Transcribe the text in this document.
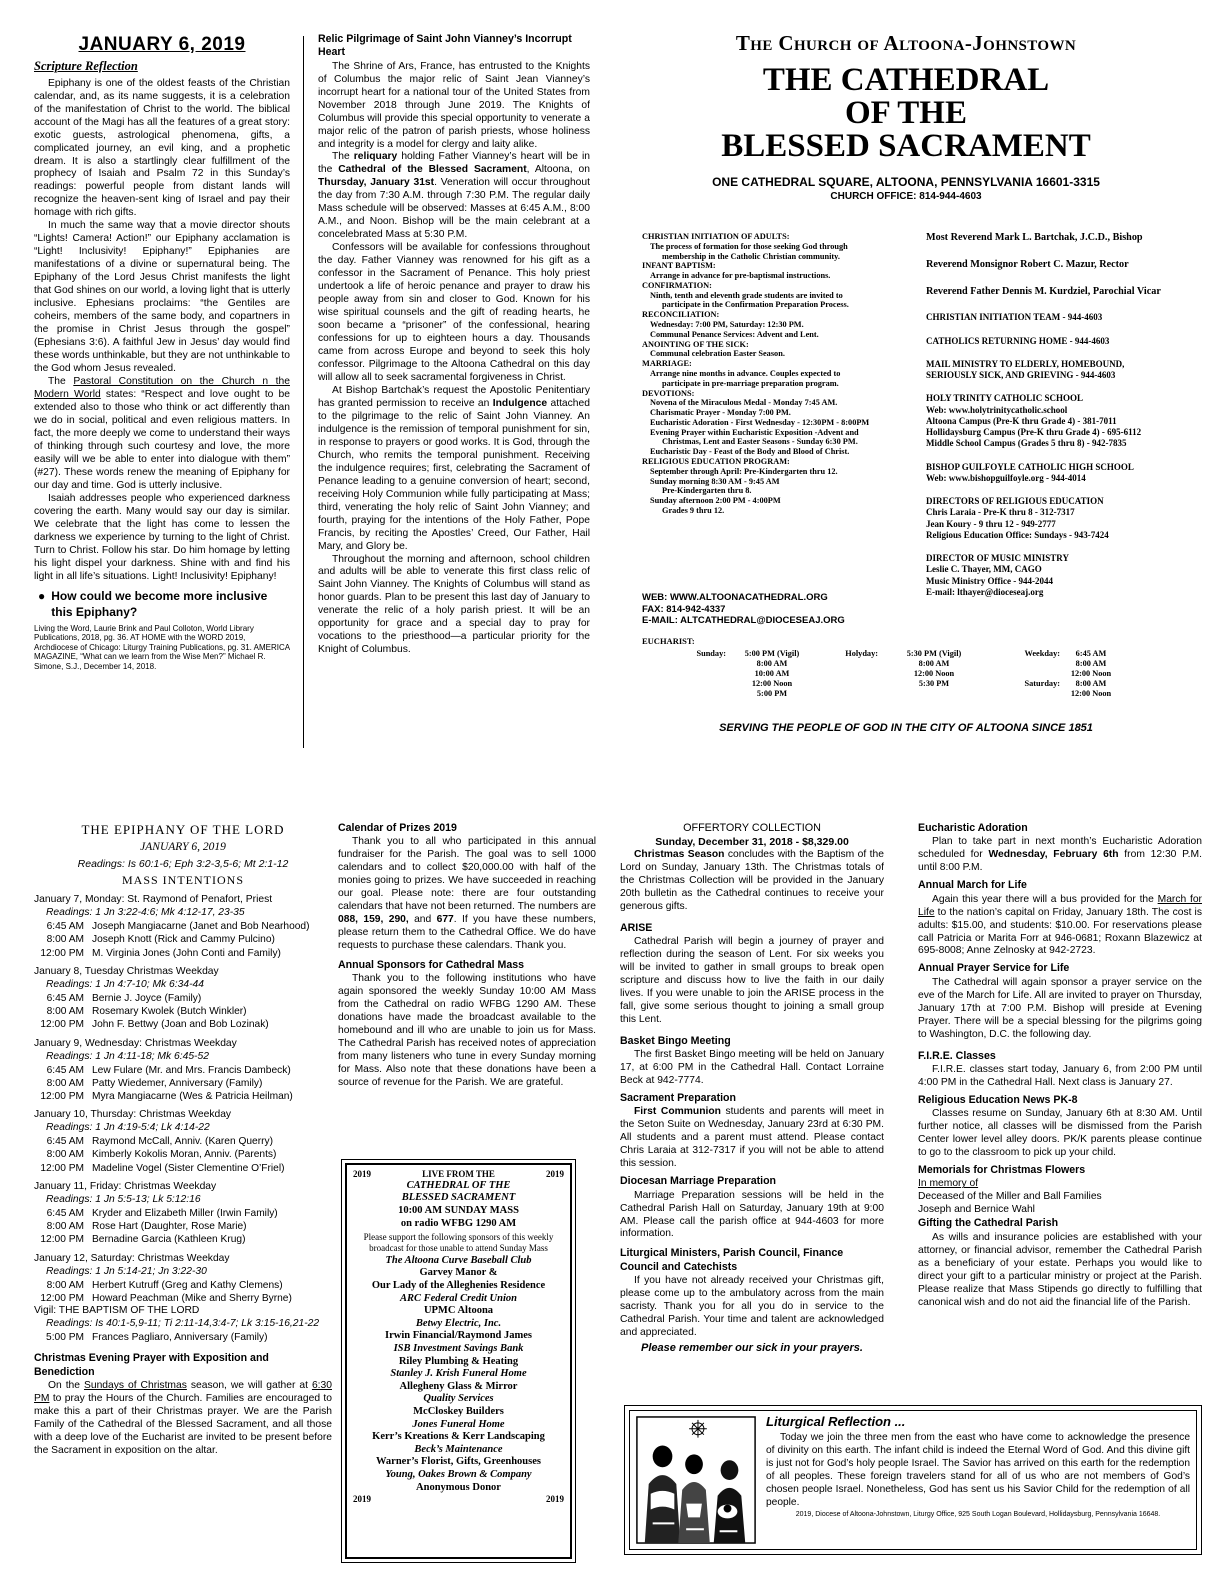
JANUARY 6, 2019
Scripture Reflection

Epiphany is one of the oldest feasts of the Christian calendar, and, as its name suggests, it is a celebration of the manifestation of Christ to the world. The biblical account of the Magi has all the features of a great story: exotic guests, astrological phenomena, gifts, a complicated journey, an evil king, and a prophetic dream. It is also a startlingly clear fulfillment of the prophecy of Isaiah and Psalm 72 in this Sunday’s readings: powerful people from distant lands will recognize the heaven-sent king of Israel and pay their homage with rich gifts.

In much the same way that a movie director shouts “Lights! Camera! Action!” our Epiphany acclamation is “Light! Inclusivity! Epiphany!” Epiphanies are manifestations of a divine or supernatural being. The Epiphany of the Lord Jesus Christ manifests the light that God shines on our world, a loving light that is utterly inclusive. Ephesians proclaims: “the Gentiles are coheirs, members of the same body, and copartners in the promise in Christ Jesus through the gospel” (Ephesians 3:6). A faithful Jew in Jesus’ day would find these words unthinkable, but they are not unthinkable to the God whom Jesus revealed.

The Pastoral Constitution on the Church n the Modern World states: “Respect and love ought to be extended also to those who think or act differently than we do in social, political and even religious matters. In fact, the more deeply we come to understand their ways of thinking through such courtesy and love, the more easily will we be able to enter into dialogue with them” (#27). These words renew the meaning of Epiphany for our day and time. God is utterly inclusive.

Isaiah addresses people who experienced darkness covering the earth. Many would say our day is similar. We celebrate that the light has come to lessen the darkness we experience by turning to the light of Christ. Turn to Christ. Follow his star. Do him homage by letting his light dispel your darkness. Shine with and find his light in all life’s situations. Light! Inclusivity! Epiphany!

● How could we become more inclusive this Epiphany?
Living the Word, Laurie Brink and Paul Colloton, World Library Publications, 2018, pg. 36. AT HOME with the WORD 2019, Archdiocese of Chicago: Liturgy Training Publications, pg. 31. AMERICA MAGAZINE, “What can we learn from the Wise Men?” Michael R. Simone, S.J., December 14, 2018.
Relic Pilgrimage of Saint John Vianney’s Incorrupt Heart

The Shrine of Ars, France, has entrusted to the Knights of Columbus the major relic of Saint Jean Vianney’s incorrupt heart for a national tour of the United States from November 2018 through June 2019. The Knights of Columbus will provide this special opportunity to venerate a major relic of the patron of parish priests, whose holiness and integrity is a model for clergy and laity alike.

The reliquary holding Father Vianney’s heart will be in the Cathedral of the Blessed Sacrament, Altoona, on Thursday, January 31st. Veneration will occur throughout the day from 7:30 A.M. through 7:30 P.M. The regular daily Mass schedule will be observed: Masses at 6:45 A.M., 8:00 A.M., and Noon. Bishop will be the main celebrant at a concelebrated Mass at 5:30 P.M.

Confessors will be available for confessions throughout the day. Father Vianney was renowned for his gift as a confessor in the Sacrament of Penance. This holy priest undertook a life of heroic penance and prayer to draw his people away from sin and closer to God. Known for his wise spiritual counsels and the gift of reading hearts, he soon became a “prisoner” of the confessional, hearing confessions for up to eighteen hours a day. Thousands came from across Europe and beyond to seek this holy confessor. Pilgrimage to the Altoona Cathedral on this day will allow all to seek sacramental forgiveness in Christ.

At Bishop Bartchak’s request the Apostolic Penitentiary has granted permission to receive an Indulgence attached to the pilgrimage to the relic of Saint John Vianney. An indulgence is the remission of temporal punishment for sin, in response to prayers or good works. It is God, through the Church, who remits the temporal punishment. Receiving the indulgence requires; first, celebrating the Sacrament of Penance leading to a genuine conversion of heart; second, receiving Holy Communion while fully participating at Mass; third, venerating the holy relic of Saint John Vianney; and fourth, praying for the intentions of the Holy Father, Pope Francis, by reciting the Apostles’ Creed, Our Father, Hail Mary, and Glory be.

Throughout the morning and afternoon, school children and adults will be able to venerate this first class relic of Saint John Vianney. The Knights of Columbus will stand as honor guards. Plan to be present this last day of January to venerate the relic of a holy parish priest. It will be an opportunity for grace and a special day to pray for vocations to the priesthood—a particular priority for the Knight of Columbus.

The Church of Altoona-Johnstown
THE CATHEDRAL
OF THE
BLESSED SACRAMENT
ONE CATHEDRAL SQUARE, ALTOONA, PENNSYLVANIA 16601-3315
CHURCH OFFICE: 814-944-4603
CHRISTIAN INITIATION OF ADULTS:
The process of formation for those seeking God through
membership in the Catholic Christian community.
INFANT BAPTISM:
Arrange in advance for pre-baptismal instructions.
CONFIRMATION:
Ninth, tenth and eleventh grade students are invited to
participate in the Confirmation Preparation Process.
RECONCILIATION:
Wednesday: 7:00 PM, Saturday: 12:30 PM.
Communal Penance Services: Advent and Lent.
ANOINTING OF THE SICK:
Communal celebration Easter Season.
MARRIAGE:
Arrange nine months in advance. Couples expected to
participate in pre-marriage preparation program.
DEVOTIONS:
Novena of the Miraculous Medal - Monday 7:45 AM.
Charismatic Prayer - Monday 7:00 PM.
Eucharistic Adoration - First Wednesday - 12:30PM - 8:00PM
Evening Prayer within Eucharistic Exposition -Advent and
Christmas, Lent and Easter Seasons - Sunday 6:30 PM.
Eucharistic Day - Feast of the Body and Blood of Christ.
RELIGIOUS EDUCATION PROGRAM:
September through April: Pre-Kindergarten thru 12.
Sunday morning 8:30 AM - 9:45 AM
Pre-Kindergarten thru 8.
Sunday afternoon 2:00 PM - 4:00PM
Grades 9 thru 12.
WEB: WWW.ALTOONACATHEDRAL.ORG
FAX: 814-942-4337
E-MAIL: ALTCATHEDRAL@DIOCESEAJ.ORG
Most Reverend Mark L. Bartchak, J.C.D., Bishop
Reverend Monsignor Robert C. Mazur, Rector
Reverend Father Dennis M. Kurdziel, Parochial Vicar
CHRISTIAN INITIATION TEAM - 944-4603
CATHOLICS RETURNING HOME - 944-4603
MAIL MINISTRY TO ELDERLY, HOMEBOUND,
SERIOUSLY SICK, AND GRIEVING - 944-4603
HOLY TRINITY CATHOLIC SCHOOL
Web: www.holytrinitycatholic.school
Altoona Campus (Pre-K thru Grade 4) - 381-7011
Hollidaysburg Campus (Pre-K thru Grade 4) - 695-6112
Middle School Campus (Grades 5 thru 8) - 942-7835
BISHOP GUILFOYLE CATHOLIC HIGH SCHOOL
Web: www.bishopguilfoyle.org - 944-4014
DIRECTORS OF RELIGIOUS EDUCATION
Chris Laraia - Pre-K thru 8 - 312-7317
Jean Koury - 9 thru 12 - 949-2777
Religious Education Office: Sundays - 943-7424
DIRECTOR OF MUSIC MINISTRY
Leslie C. Thayer, MM, CAGO
Music Ministry Office - 944-2044
E-mail: lthayer@dioceseaj.org
EUCHARIST:
Sunday:	5:00 PM (Vigil)	Holyday:	5:30 PM (Vigil)	Weekday:	6:45 AM
	8:00 AM		8:00 AM		8:00 AM
	10:00 AM		12:00 Noon		12:00 Noon
	12:00 Noon		5:30 PM	Saturday:	8:00 AM
	5:00 PM				12:00 Noon
SERVING THE PEOPLE OF GOD IN THE CITY OF ALTOONA SINCE 1851
THE EPIPHANY OF THE LORD
JANUARY 6, 2019
Readings: Is 60:1-6; Eph 3:2-3,5-6; Mt 2:1-12
MASS INTENTIONS
January 7, Monday: St. Raymond of Penafort, Priest
Readings: 1 Jn 3:22-4:6; Mk 4:12-17, 23-35
6:45 AM Joseph Mangiacarne (Janet and Bob Nearhood)
8:00 AM Joseph Knott (Rick and Cammy Pulcino)
12:00 PM M. Virginia Jones (John Conti and Family)
January 8, Tuesday Christmas Weekday
Readings: 1 Jn 4:7-10; Mk 6:34-44
6:45 AM Bernie J. Joyce (Family)
8:00 AM Rosemary Kwolek (Butch Winkler)
12:00 PM John F. Bettwy (Joan and Bob Lozinak)
January 9, Wednesday: Christmas Weekday
Readings: 1 Jn 4:11-18; Mk 6:45-52
6:45 AM Lew Fulare (Mr. and Mrs. Francis Dambeck)
8:00 AM Patty Wiedemer, Anniversary (Family)
12:00 PM Myra Mangiacarne (Wes & Patricia Heilman)
January 10, Thursday: Christmas Weekday
Readings: 1 Jn 4:19-5:4; Lk 4:14-22
6:45 AM Raymond McCall, Anniv. (Karen Querry)
8:00 AM Kimberly Kokolis Moran, Anniv. (Parents)
12:00 PM Madeline Vogel (Sister Clementine O’Friel)
January 11, Friday: Christmas Weekday
Readings: 1 Jn 5:5-13; Lk 5:12:16
6:45 AM Kryder and Elizabeth Miller (Irwin Family)
8:00 AM Rose Hart (Daughter, Rose Marie)
12:00 PM Bernadine Garcia (Kathleen Krug)
January 12, Saturday: Christmas Weekday
Readings: 1 Jn 5:14-21; Jn 3:22-30
8:00 AM Herbert Kutruff (Greg and Kathy Clemens)
12:00 PM Howard Peachman (Mike and Sherry Byrne)
Vigil: THE BAPTISM OF THE LORD
Readings: Is 40:1-5,9-11; Ti 2:11-14,3:4-7; Lk 3:15-16,21-22
5:00 PM Frances Pagliaro, Anniversary (Family)
Christmas Evening Prayer with Exposition and Benediction

On the Sundays of Christmas season, we will gather at 6:30 PM to pray the Hours of the Church. Families are encouraged to make this a part of their Christmas prayer. We are the Parish Family of the Cathedral of the Blessed Sacrament, and all those with a deep love of the Eucharist are invited to be present before the Sacrament in exposition on the altar.

Calendar of Prizes 2019

Thank you to all who participated in this annual fundraiser for the Parish. The goal was to sell 1000 calendars and to collect $20,000.00 with half of the monies going to prizes. We have succeeded in reaching our goal. Please note: there are four outstanding calendars that have not been returned. The numbers are 088, 159, 290, and 677. If you have these numbers, please return them to the Cathedral Office. We do have requests to purchase these calendars. Thank you.

Annual Sponsors for Cathedral Mass

Thank you to the following institutions who have again sponsored the weekly Sunday 10:00 AM Mass from the Cathedral on radio WFBG 1290 AM. These donations have made the broadcast available to the homebound and ill who are unable to join us for Mass. The Cathedral Parish has received notes of appreciation from many listeners who tune in every Sunday morning for Mass. Also note that these donations have been a source of revenue for the Parish. We are grateful.

2019	LIVE FROM THE	2019
CATHEDRAL OF THE
BLESSED SACRAMENT
10:00 AM SUNDAY MASS
on radio WFBG 1290 AM
Please support the following sponsors of this weekly broadcast for those unable to attend Sunday Mass
The Altoona Curve Baseball Club
Garvey Manor &
Our Lady of the Alleghenies Residence
ARC Federal Credit Union
UPMC Altoona
Betwy Electric, Inc.
Irwin Financial/Raymond James
ISB Investment Savings Bank
Riley Plumbing & Heating
Stanley J. Krish Funeral Home
Allegheny Glass & Mirror
Quality Services
McCloskey Builders
Jones Funeral Home
Kerr’s Kreations & Kerr Landscaping
Beck’s Maintenance
Warner’s Florist, Gifts, Greenhouses
Young, Oakes Brown & Company
Anonymous Donor
2019	2019
OFFERTORY COLLECTION
Sunday, December 31, 2018 - $8,329.00

Christmas Season concludes with the Baptism of the Lord on Sunday, January 13th. The Christmas totals of the Christmas Collection will be provided in the January 20th bulletin as the Cathedral continues to receive your generous gifts.

ARISE

Cathedral Parish will begin a journey of prayer and reflection during the season of Lent. For six weeks you will be invited to gather in small groups to break open scripture and discuss how to live the faith in our daily lives. If you were unable to join the ARISE process in the fall, give some serious thought to joining a small group this Lent.

Basket Bingo Meeting

The first Basket Bingo meeting will be held on January 17, at 6:00 PM in the Cathedral Hall. Contact Lorraine Beck at 942-7774.

Sacrament Preparation

First Communion students and parents will meet in the Seton Suite on Wednesday, January 23rd at 6:30 PM. All students and a parent must attend. Please contact Chris Laraia at 312-7317 if you will not be able to attend this session.

Diocesan Marriage Preparation

Marriage Preparation sessions will be held in the Cathedral Parish Hall on Saturday, January 19th at 9:00 AM. Please call the parish office at 944-4603 for more information.

Liturgical Ministers, Parish Council, Finance Council and Catechists

If you have not already received your Christmas gift, please come up to the ambulatory across from the main sacristy. Thank you for all you do in service to the Cathedral Parish. Your time and talent are acknowledged and appreciated.

Please remember our sick in your prayers.
Eucharistic Adoration

Plan to take part in next month’s Eucharistic Adoration scheduled for Wednesday, February 6th from 12:30 P.M. until 8:00 P.M.

Annual March for Life

Again this year there will a bus provided for the March for Life to the nation’s capital on Friday, January 18th. The cost is adults: $15.00, and students: $10.00. For reservations please call Patricia or Marita Forr at 946-0681; Roxann Blazewicz at 695-8008; Anne Zelnosky at 942-2723.

Annual Prayer Service for Life

The Cathedral will again sponsor a prayer service on the eve of the March for Life. All are invited to prayer on Thursday, January 17th at 7:00 P.M. Bishop will preside at Evening Prayer. There will be a special blessing for the pilgrims going to Washington, D.C. the following day.

F.I.R.E. Classes

F.I.R.E. classes start today, January 6, from 2:00 PM until 4:00 PM in the Cathedral Hall. Next class is January 27.

Religious Education News PK-8

Classes resume on Sunday, January 6th at 8:30 AM. Until further notice, all classes will be dismissed from the Parish Center lower level alley doors. PK/K parents please continue to go to the classroom to pick up your child.

Memorials for Christmas Flowers
In memory of
Deceased of the Miller and Ball Families
Joseph and Bernice Wahl
Gifting the Cathedral Parish

As wills and insurance policies are established with your attorney, or financial advisor, remember the Cathedral Parish as a beneficiary of your estate. Perhaps you would like to direct your gift to a particular ministry or project at the Parish. Please realize that Mass Stipends go directly to fulfilling that canonical wish and do not aid the financial life of the Parish.

Liturgical Reflection ...

Today we join the three men from the east who have come to acknowledge the presence of divinity on this earth. The infant child is indeed the Eternal Word of God. And this divine gift is just not for God’s holy people Israel. The Savior has arrived on this earth for the redemption of all peoples. These foreign travelers stand for all of us who are not members of God’s chosen people Israel. Nonetheless, God has sent us his Savior Child for the redemption of all people.

2019, Diocese of Altoona-Johnstown, Liturgy Office, 925 South Logan Boulevard, Hollidaysburg, Pennsylvania 16648.
